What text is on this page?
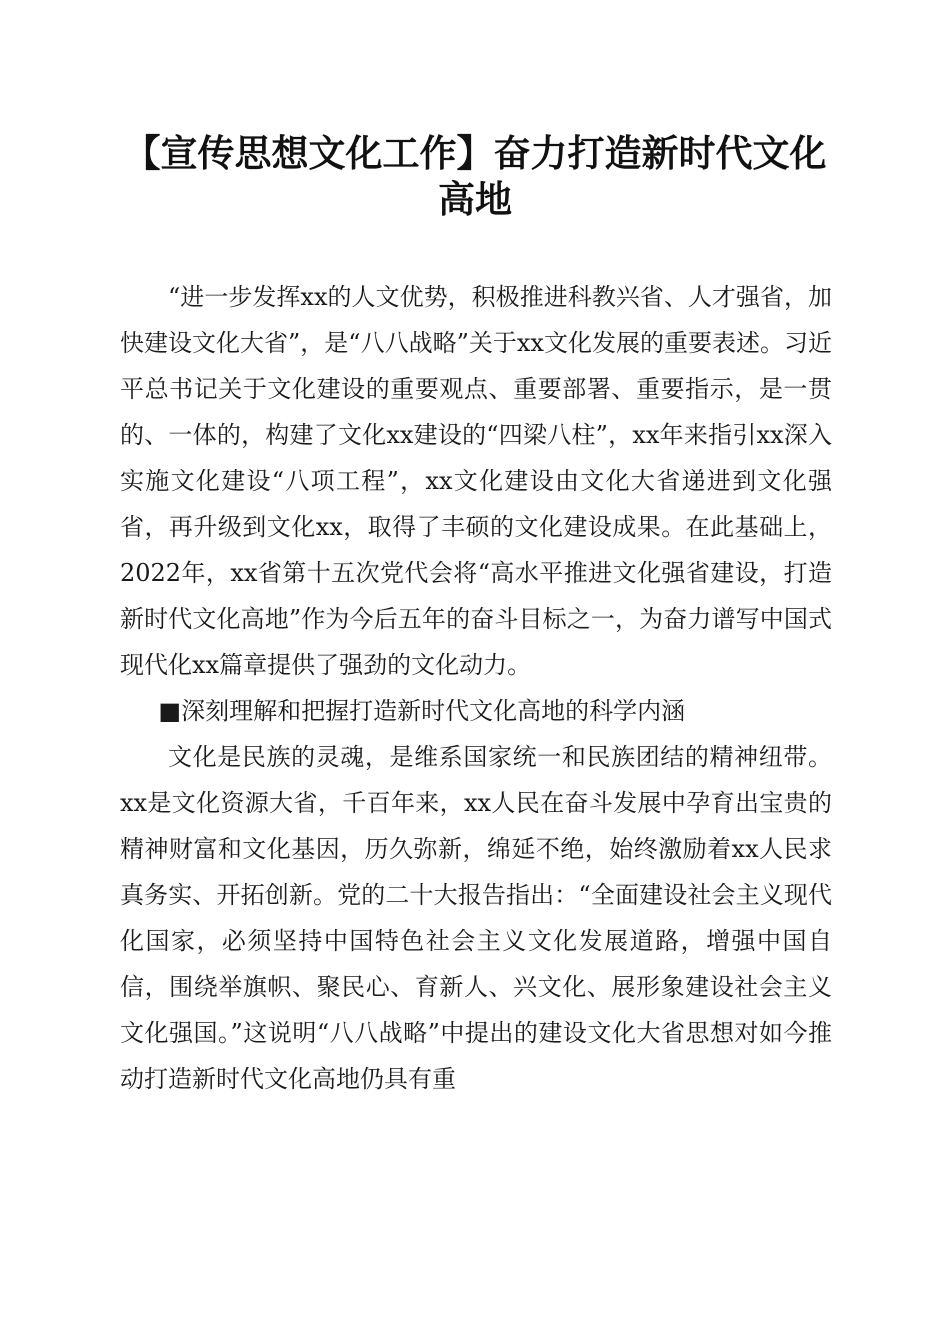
【宣传思想文化工作】奋力打造新时代文化高地

“进一步发挥xx的人文优势，积极推进科教兴省、人才强省，加快建设文化大省”，是“八八战略”关于xx文化发展的重要表述。习近平总书记关于文化建设的重要观点、重要部署、重要指示，是一贯的、一体的，构建了文化xx建设的“四梁八柱”，xx年来指引xx深入实施文化建设“八项工程”，xx文化建设由文化大省递进到文化强省，再升级到文化xx，取得了丰硕的文化建设成果。在此基础上，2022年，xx省第十五次党代会将“高水平推进文化强省建设，打造新时代文化高地”作为今后五年的奋斗目标之一，为奋力谱写中国式现代化xx篇章提供了强劲的文化动力。

■深刻理解和把握打造新时代文化高地的科学内涵

文化是民族的灵魂，是维系国家统一和民族团结的精神纽带。xx是文化资源大省，千百年来，xx人民在奋斗发展中孕育出宝贵的精神财富和文化基因，历久弥新，绵延不绝，始终激励着xx人民求真务实、开拓创新。党的二十大报告指出：“全面建设社会主义现代化国家，必须坚持中国特色社会主义文化发展道路，增强中国自信，围绕举旗帜、聚民心、育新人、兴文化、展形象建设社会主义文化强国。”这说明“八八战略”中提出的建设文化大省思想对如今推动打造新时代文化高地仍具有重
